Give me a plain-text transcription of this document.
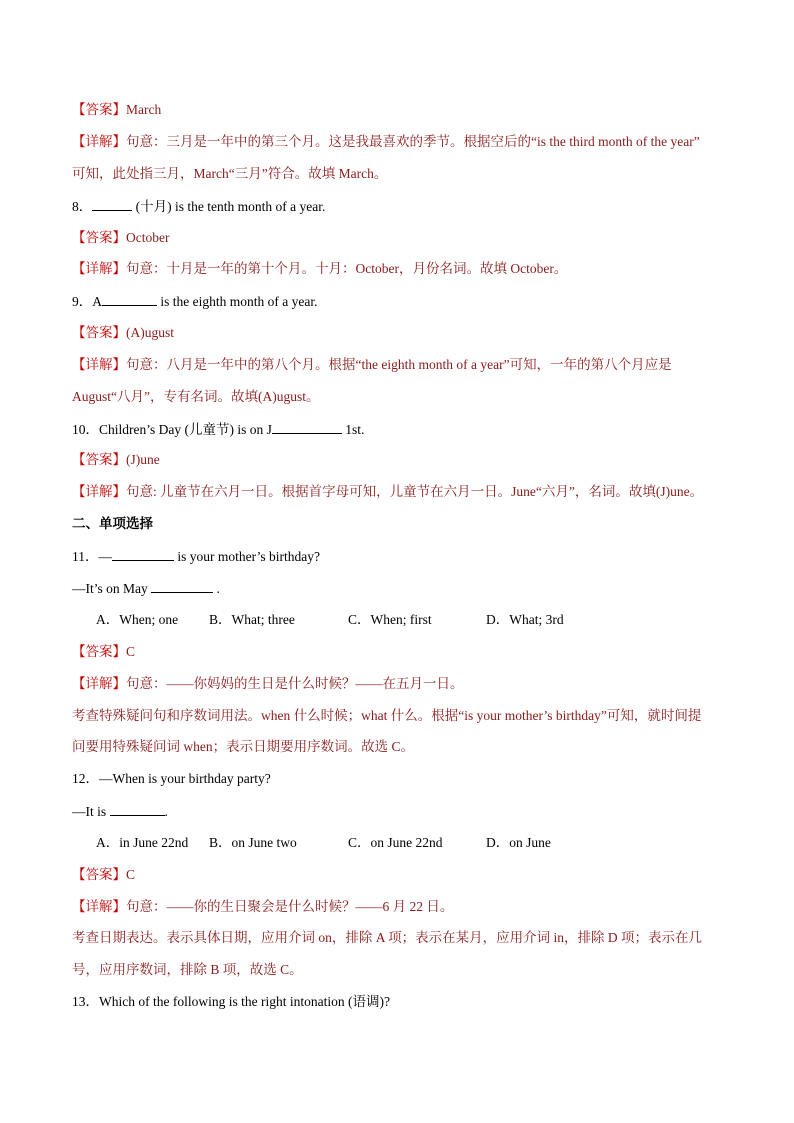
【答案】March
【详解】句意：三月是一年中的第三个月。这是我最喜欢的季节。根据空后的“is the third month of the year”
可知，此处指三月，March“三月”符合。故填 March。
8．	(十月) is the tenth month of a year.
【答案】October
【详解】句意：十月是一年的第十个月。十月：October，月份名词。故填 October。
9．A	is the eighth month of a year.
【答案】(A)ugust
【详解】句意：八月是一年中的第八个月。根据“the eighth month of a year”可知，一年的第八个月应是
August“八月”，专有名词。故填(A)ugust。
10．Children’s Day (儿童节) is on J	1st.
【答案】(J)une
【详解】句意: 儿童节在六月一日。根据首字母可知，儿童节在六月一日。June“六月”，名词。故填(J)une。
二、单项选择
11．—	is your mother’s birthday?
—It’s on May	.
A．When; one B．What; three	C．When; first	D．What; 3rd
【答案】C
【详解】句意：——你妈妈的生日是什么时候？——在五月一日。
考查特殊疑问句和序数词用法。when 什么时候；what 什么。根据“is your mother’s birthday”可知，就时间提
问要用特殊疑问词 when；表示日期要用序数词。故选 C。
12．—When is your birthday party?
—It is	.
A．in June 22nd B．on June two	C．on June 22nd	D．on June
【答案】C
【详解】句意：——你的生日聚会是什么时候？——6 月 22 日。
考查日期表达。表示具体日期，应用介词 on，排除 A 项；表示在某月，应用介词 in，排除 D 项；表示在几
号，应用序数词，排除 B 项，故选 C。
13．Which of the following is the right intonation (语调)?
